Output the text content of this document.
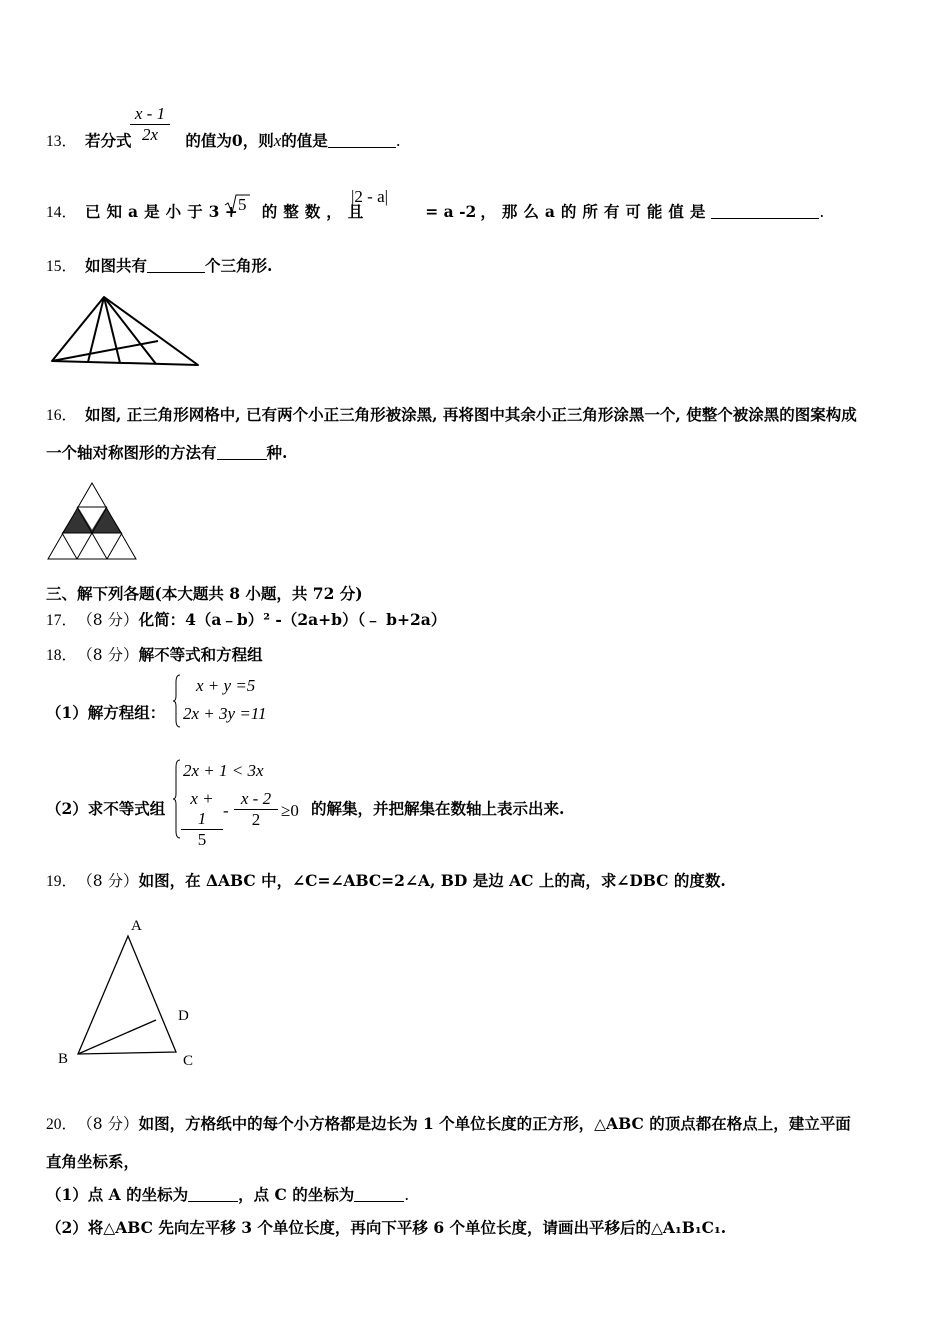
13． 若分式	的值为0，则x的值是	.
x - 1
2x
14． 已知a 是小于3 + 的整数，且	= a -2 ，那么a 的所有可能值是	.
5	|2 - a|
15． 如图共有	个三角形.
16． 如图, 正三角形网格中, 已有两个小正三角形被涂黑, 再将图中其余小正三角形涂黑一个, 使整个被涂黑的图案构成
一个轴对称图形的方法有	种.
三、解下列各题(本大题共 8 小题，共 72 分)
17． （8 分）化简：4（a﹣b）² -（2a+b）（﹣ b+2a）
18． （8 分）解不等式和方程组
（1）解方程组：
x + y =5
2x + 3y =11
（2）求不等式组
2x + 1 < 3x
x + 1
5
-
x - 2
2	≥0 的解集，并把解集在数轴上表示出来.
19． （8 分）如图，在 ΔABC 中，∠C=∠ABC=2∠A, BD 是边 AC 上的高，求∠DBC 的度数.
A
D
B	C
20． （8 分）如图，方格纸中的每个小方格都是边长为 1 个单位长度的正方形，△ABC 的顶点都在格点上，建立平面
直角坐标系，
（1）点 A 的坐标为	，点 C 的坐标为	.
（2）将△ABC 先向左平移 3 个单位长度，再向下平移 6 个单位长度，请画出平移后的△A₁B₁C₁.
